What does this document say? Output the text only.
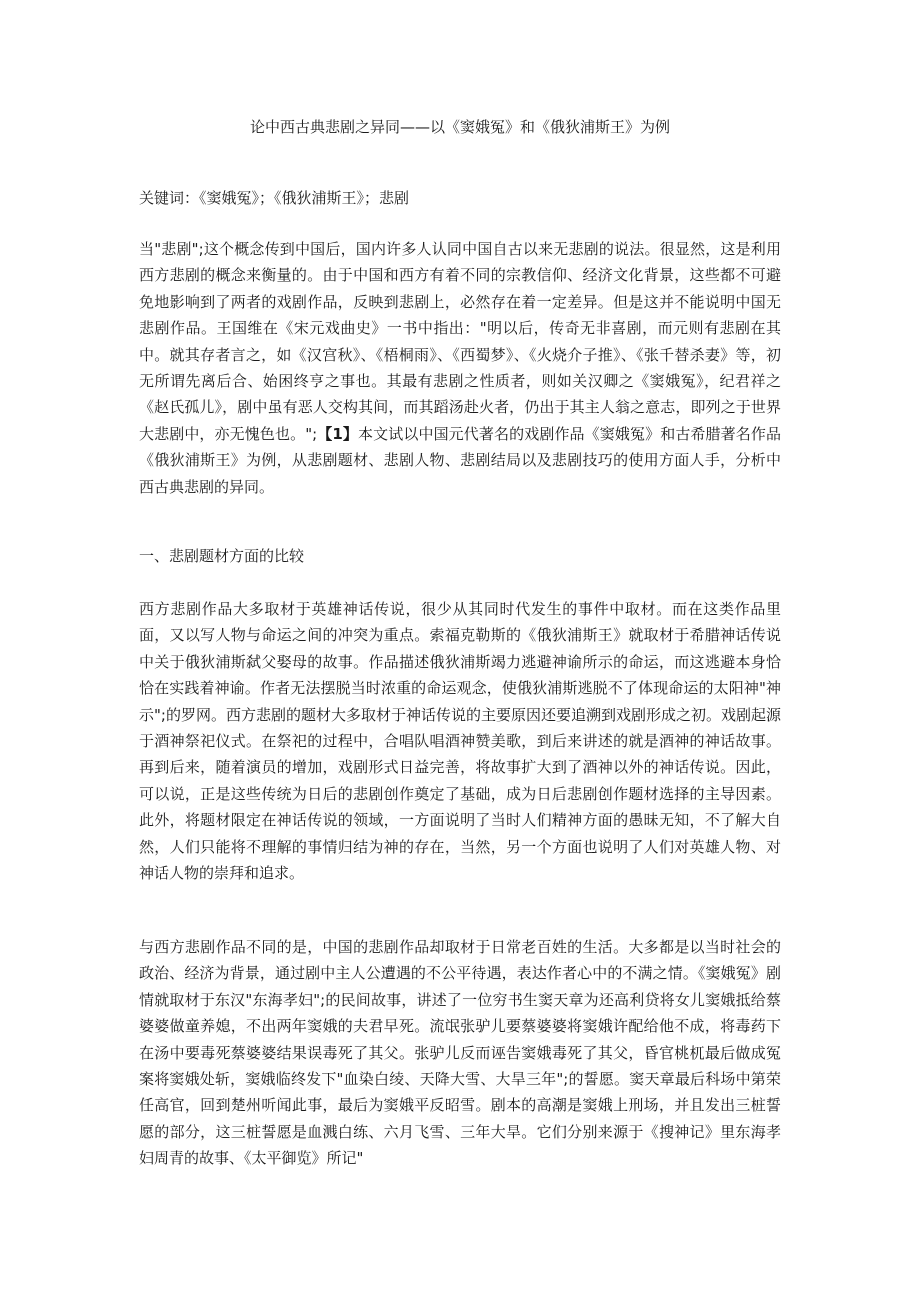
论中西古典悲剧之异同——以《窦娥冤》和《俄狄浦斯王》为例
关键词：《窦娥冤》；《俄狄浦斯王》；悲剧

当"悲剧";这个概念传到中国后，国内许多人认同中国自古以来无悲剧的说法。很显然，这是利用西方悲剧的概念来衡量的。由于中国和西方有着不同的宗教信仰、经济文化背景，这些都不可避免地影响到了两者的戏剧作品，反映到悲剧上，必然存在着一定差异。但是这并不能说明中国无悲剧作品。王国维在《宋元戏曲史》一书中指出："明以后，传奇无非喜剧，而元则有悲剧在其中。就其存者言之，如《汉宫秋》、《梧桐雨》、《西蜀梦》、《火烧介子推》、《张千替杀妻》等，初无所谓先离后合、始困终亨之事也。其最有悲剧之性质者，则如关汉卿之《窦娥冤》，纪君祥之《赵氏孤儿》，剧中虽有恶人交构其间，而其蹈汤赴火者，仍出于其主人翁之意志，即列之于世界大悲剧中，亦无愧色也。";【1】本文试以中国元代著名的戏剧作品《窦娥冤》和古希腊著名作品《俄狄浦斯王》为例，从悲剧题材、悲剧人物、悲剧结局以及悲剧技巧的使用方面人手，分析中西古典悲剧的异同。

一、悲剧题材方面的比较

西方悲剧作品大多取材于英雄神话传说，很少从其同时代发生的事件中取材。而在这类作品里面，又以写人物与命运之间的冲突为重点。索福克勒斯的《俄狄浦斯王》就取材于希腊神话传说中关于俄狄浦斯弑父娶母的故事。作品描述俄狄浦斯竭力逃避神谕所示的命运，而这逃避本身恰恰在实践着神谕。作者无法摆脱当时浓重的命运观念，使俄狄浦斯逃脱不了体现命运的太阳神"神示";的罗网。西方悲剧的题材大多取材于神话传说的主要原因还要追溯到戏剧形成之初。戏剧起源于酒神祭祀仪式。在祭祀的过程中，合唱队唱酒神赞美歌，到后来讲述的就是酒神的神话故事。再到后来，随着演员的增加，戏剧形式日益完善，将故事扩大到了酒神以外的神话传说。因此，可以说，正是这些传统为日后的悲剧创作奠定了基础，成为日后悲剧创作题材选择的主导因素。此外，将题材限定在神话传说的领域，一方面说明了当时人们精神方面的愚昧无知，不了解大自然，人们只能将不理解的事情归结为神的存在，当然，另一个方面也说明了人们对英雄人物、对神话人物的崇拜和追求。

与西方悲剧作品不同的是，中国的悲剧作品却取材于日常老百姓的生活。大多都是以当时社会的政治、经济为背景，通过剧中主人公遭遇的不公平待遇，表达作者心中的不满之情。《窦娥冤》剧情就取材于东汉"东海孝妇";的民间故事，讲述了一位穷书生窦天章为还高利贷将女儿窦娥抵给蔡婆婆做童养媳，不出两年窦娥的夫君早死。流氓张驴儿要蔡婆婆将窦娥许配给他不成，将毒药下在汤中要毒死蔡婆婆结果误毒死了其父。张驴儿反而诬告窦娥毒死了其父，昏官桃杌最后做成冤案将窦娥处斩，窦娥临终发下"血染白绫、天降大雪、大旱三年";的誓愿。窦天章最后科场中第荣任高官，回到楚州听闻此事，最后为窦娥平反昭雪。剧本的高潮是窦娥上刑场，并且发出三桩誓愿的部分，这三桩誓愿是血溅白练、六月飞雪、三年大旱。它们分别来源于《搜神记》里东海孝妇周青的故事、《太平御览》所记"
